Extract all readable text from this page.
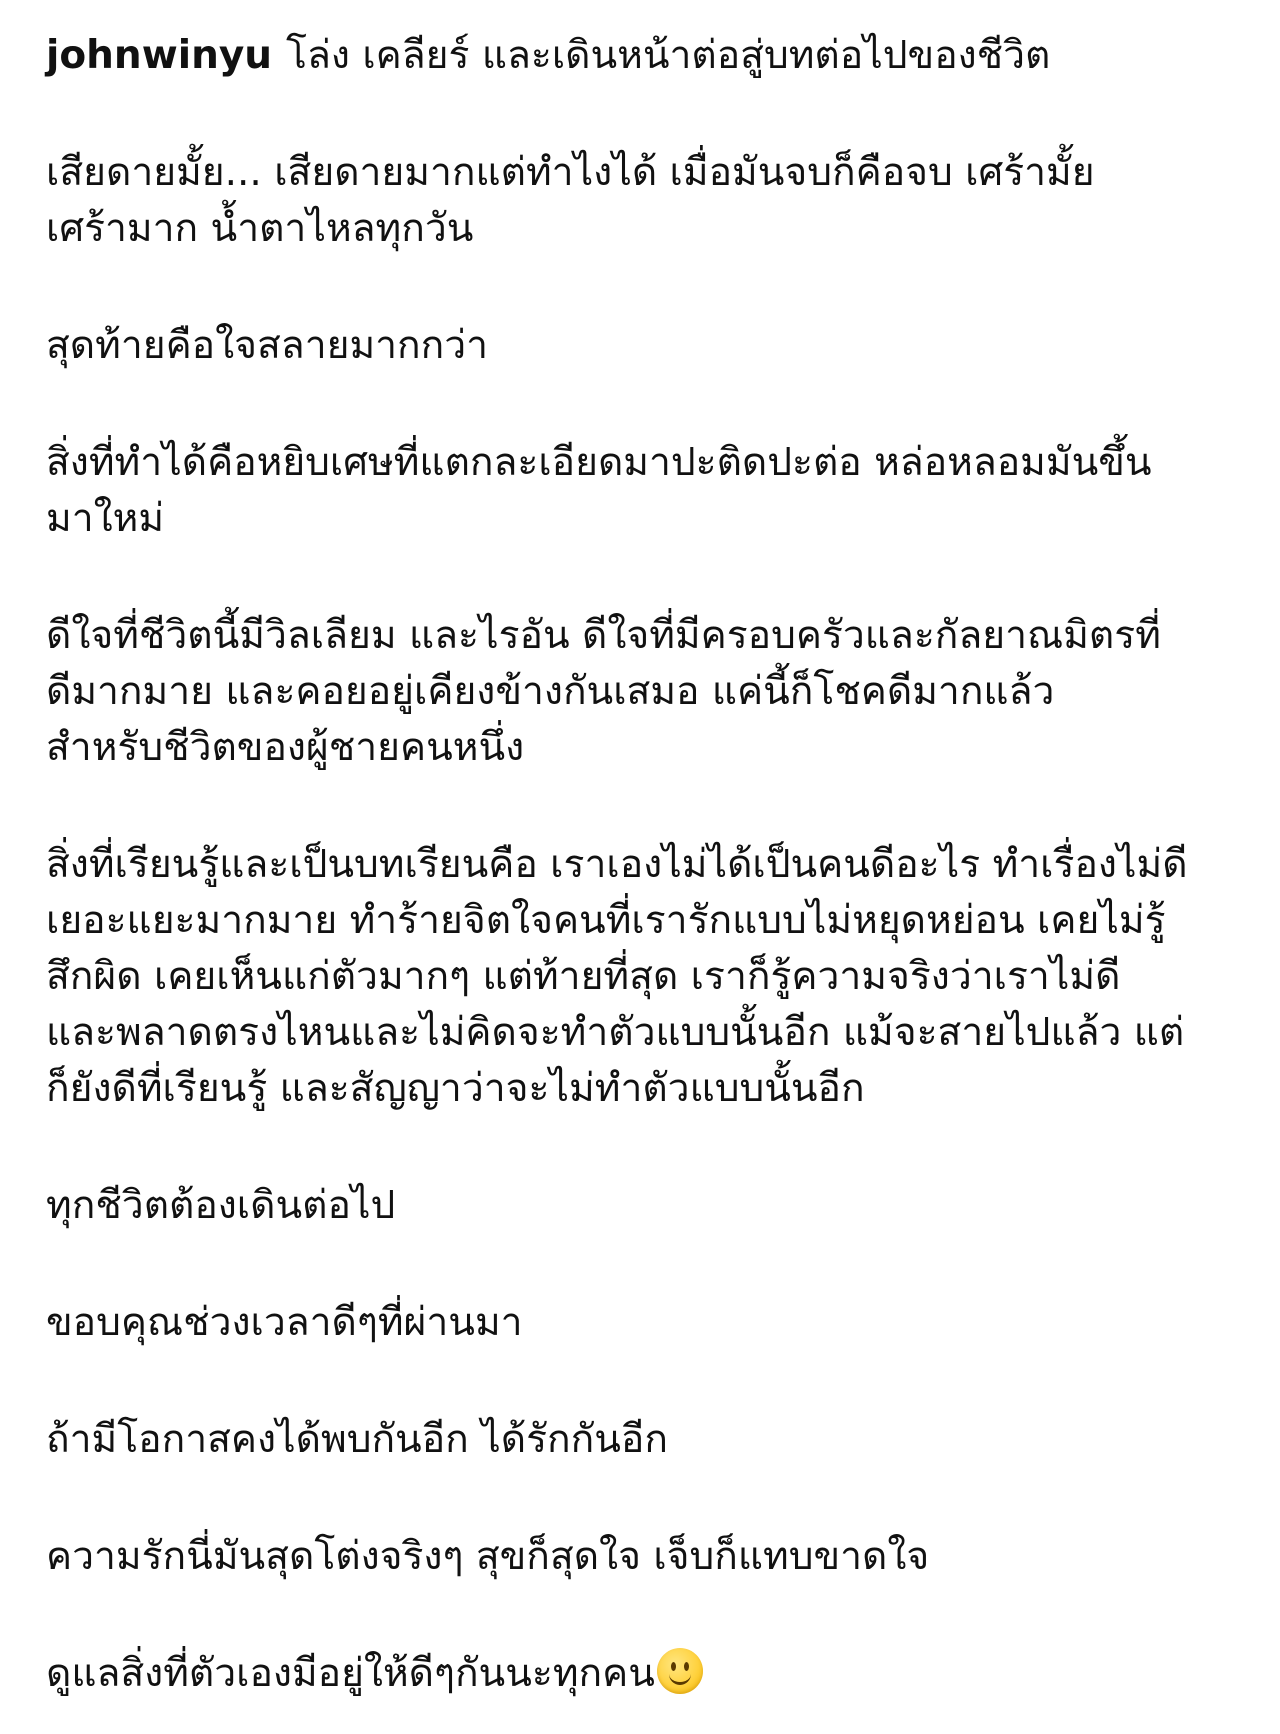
johnwinyu โล่ง เคลียร์ และเดินหน้าต่อสู่บทต่อไปของชีวิต

เสียดายมั้ย... เสียดายมากแต่ทำไงได้ เมื่อมันจบก็คือจบ เศร้ามั้ย
เศร้ามาก น้ำตาไหลทุกวัน

สุดท้ายคือใจสลายมากกว่า

สิ่งที่ทำได้คือหยิบเศษที่แตกละเอียดมาปะติดปะต่อ หล่อหลอมมันขึ้น
มาใหม่

ดีใจที่ชีวิตนี้มีวิลเลียม และไรอัน ดีใจที่มีครอบครัวและกัลยาณมิตรที่
ดีมากมาย และคอยอยู่เคียงข้างกันเสมอ แค่นี้ก็โชคดีมากแล้ว
สำหรับชีวิตของผู้ชายคนหนึ่ง

สิ่งที่เรียนรู้และเป็นบทเรียนคือ เราเองไม่ได้เป็นคนดีอะไร ทำเรื่องไม่ดี
เยอะแยะมากมาย ทำร้ายจิตใจคนที่เรารักแบบไม่หยุดหย่อน เคยไม่รู้
สึกผิด เคยเห็นแก่ตัวมากๆ แต่ท้ายที่สุด เราก็รู้ความจริงว่าเราไม่ดี
และพลาดตรงไหนและไม่คิดจะทำตัวแบบนั้นอีก แม้จะสายไปแล้ว แต่
ก็ยังดีที่เรียนรู้ และสัญญาว่าจะไม่ทำตัวแบบนั้นอีก

ทุกชีวิตต้องเดินต่อไป

ขอบคุณช่วงเวลาดีๆที่ผ่านมา

ถ้ามีโอกาสคงได้พบกันอีก ได้รักกันอีก

ความรักนี่มันสุดโต่งจริงๆ สุขก็สุดใจ เจ็บก็แทบขาดใจ

ดูแลสิ่งที่ตัวเองมีอยู่ให้ดีๆกันนะทุกคน
